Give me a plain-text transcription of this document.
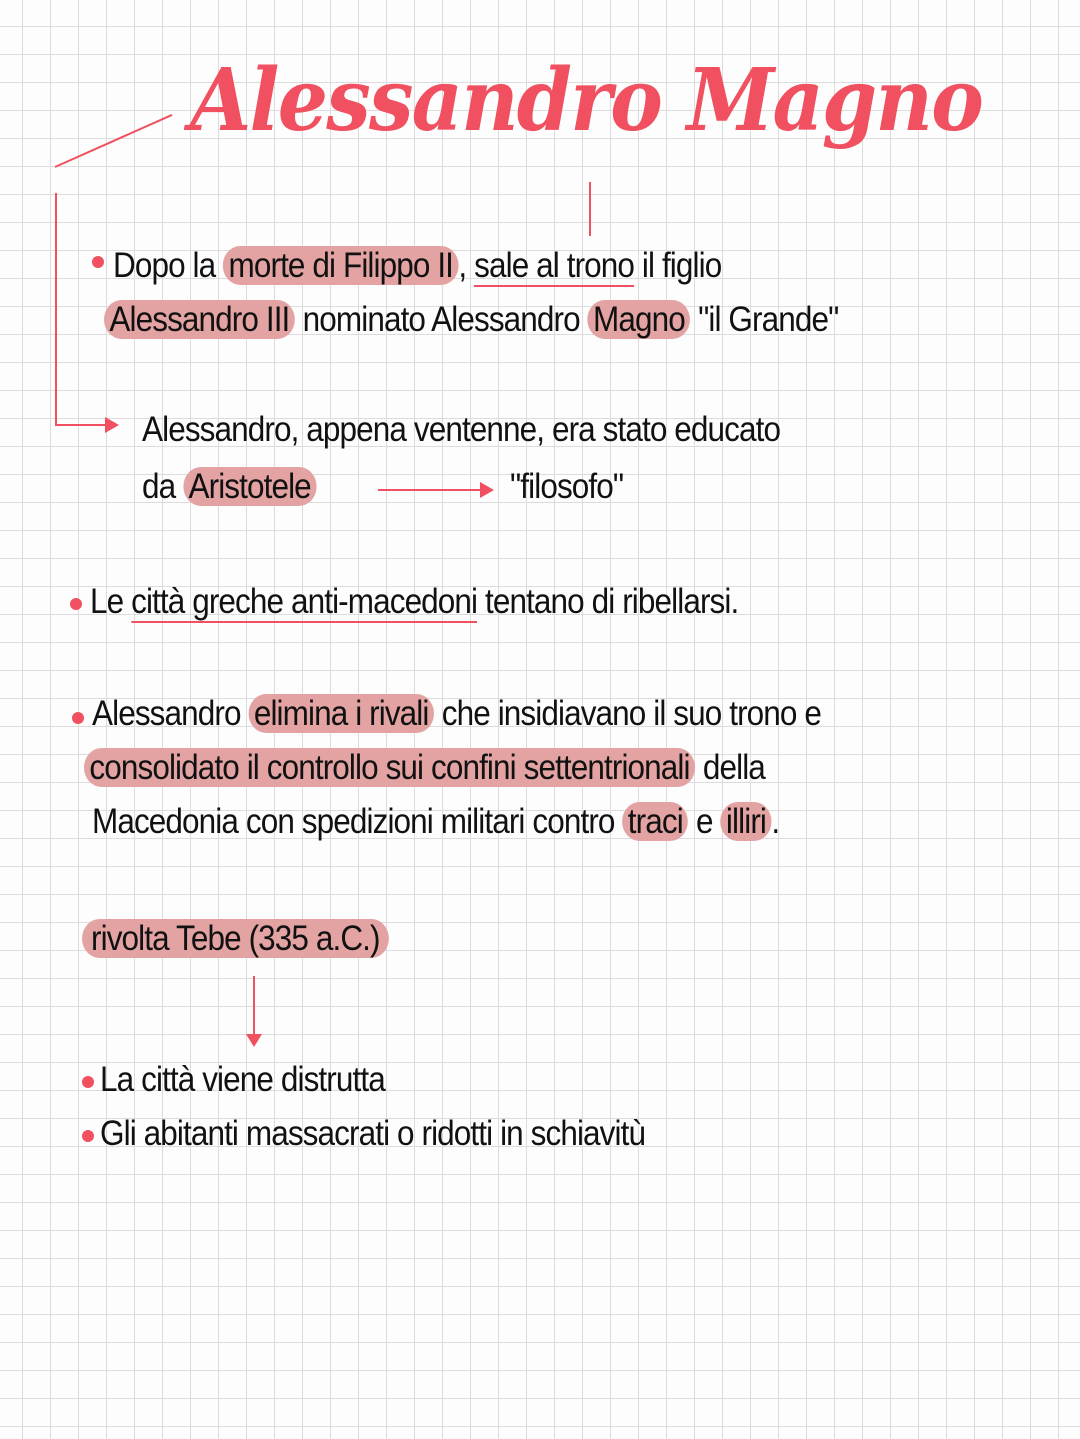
Alessandro Magno
Dopo la morte di Filippo II , sale al trono il figlio
Alessandro III nominato Alessandro Magno "il Grande"
Alessandro, appena ventenne, era stato educato
da Aristotele	"filosofo"
Le città greche anti-macedoni tentano di ribellarsi.
Alessandro elimina i rivali che insidiavano il suo trono e
consolidato il controllo sui confini settentrionali della
Macedonia con spedizioni militari contro traci e illiri .
rivolta Tebe (335 a.C.)
La città viene distrutta
Gli abitanti massacrati o ridotti in schiavitù
